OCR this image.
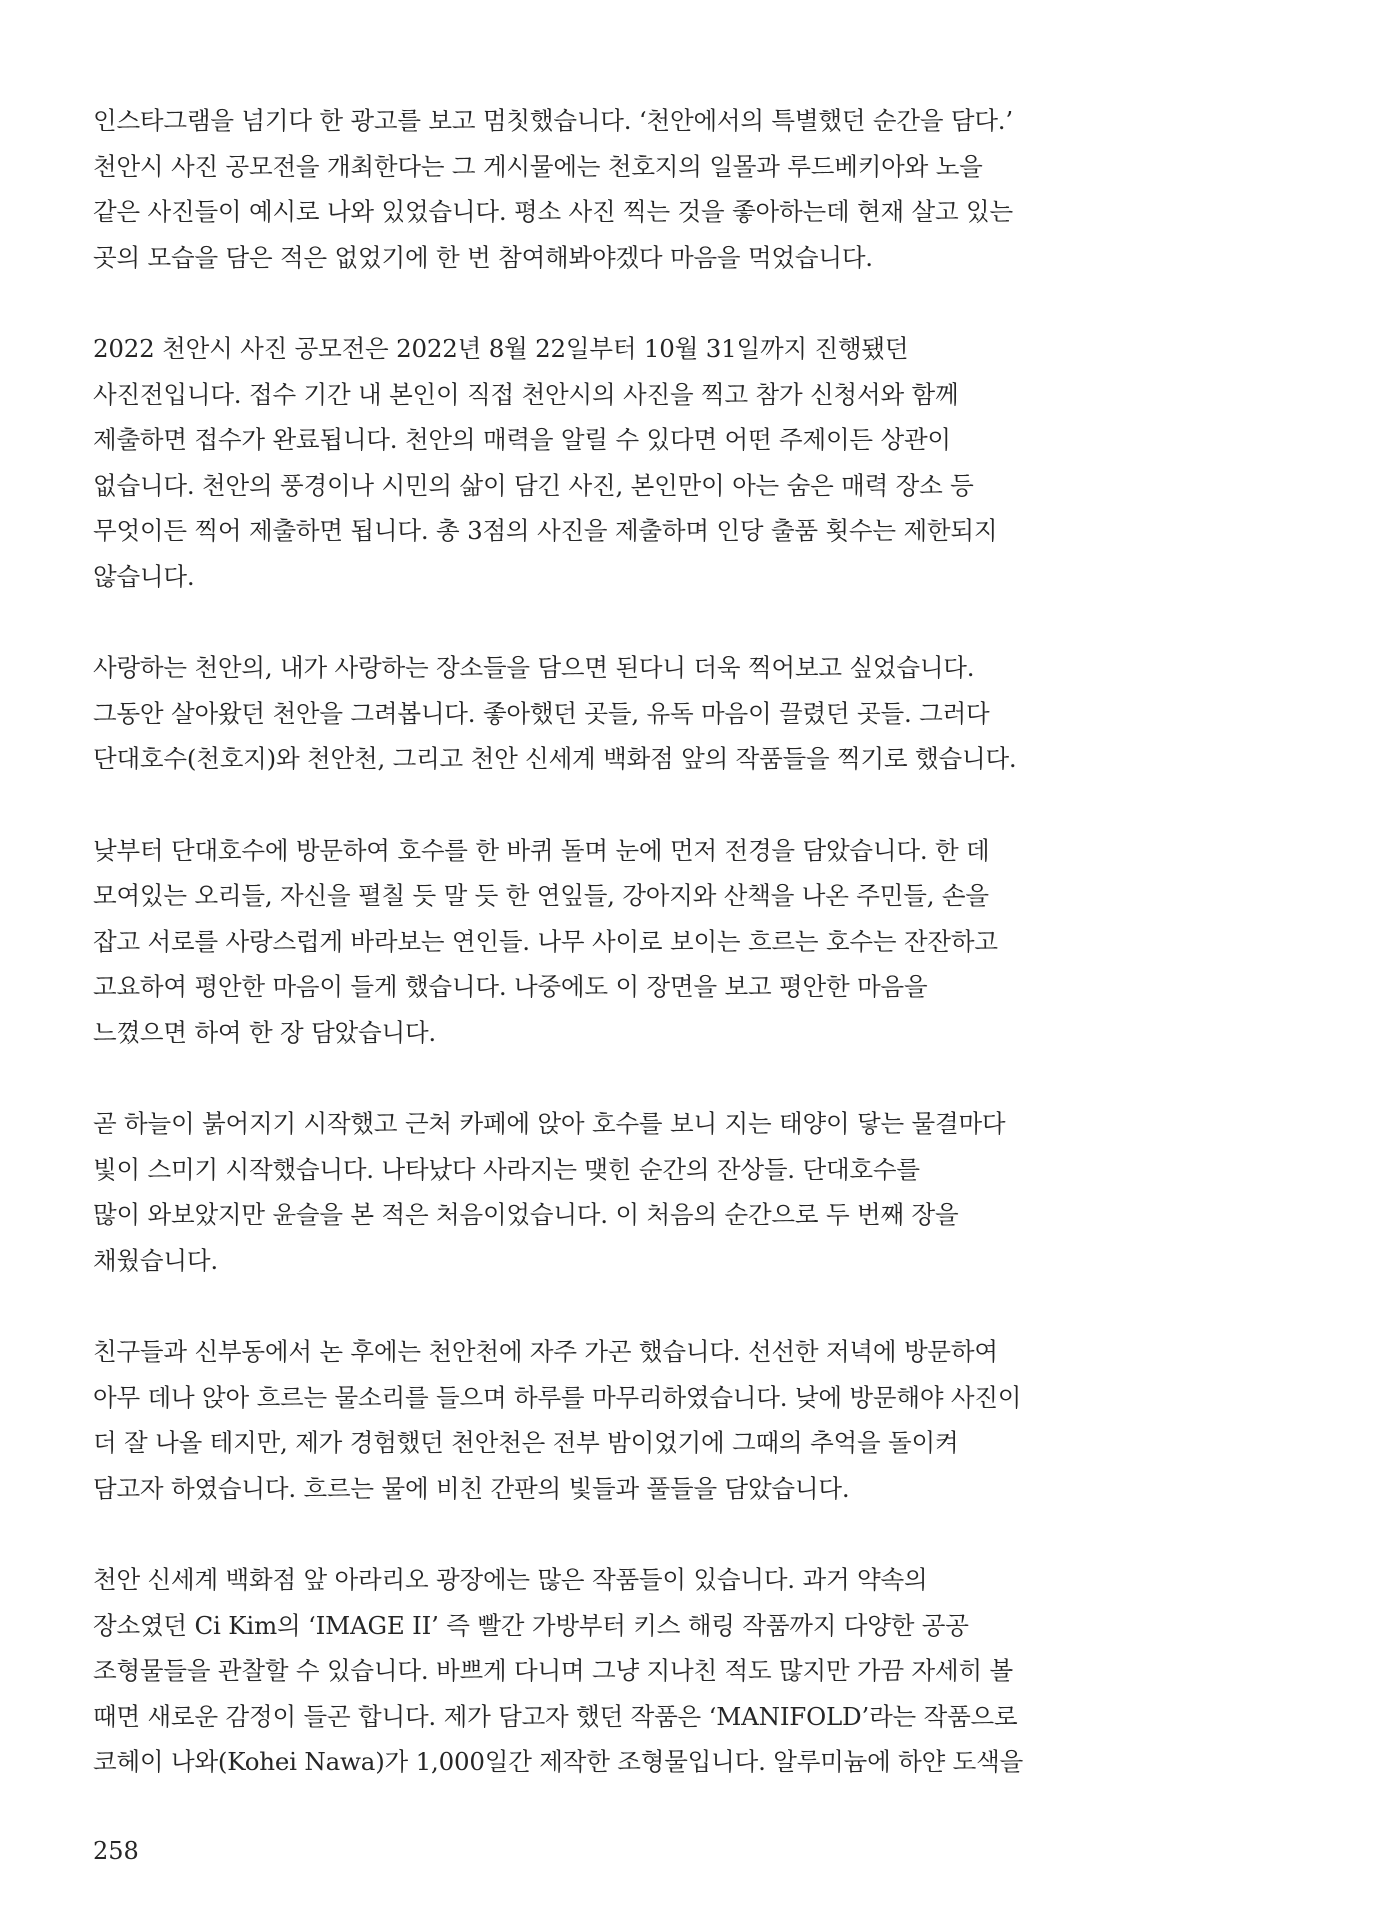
인스타그램을 넘기다 한 광고를 보고 멈칫했습니다. ‘천안에서의 특별했던 순간을 담다.’
천안시 사진 공모전을 개최한다는 그 게시물에는 천호지의 일몰과 루드베키아와 노을
같은 사진들이 예시로 나와 있었습니다. 평소 사진 찍는 것을 좋아하는데 현재 살고 있는
곳의 모습을 담은 적은 없었기에 한 번 참여해봐야겠다 마음을 먹었습니다.

2022 천안시 사진 공모전은 2022년 8월 22일부터 10월 31일까지 진행됐던
사진전입니다. 접수 기간 내 본인이 직접 천안시의 사진을 찍고 참가 신청서와 함께
제출하면 접수가 완료됩니다. 천안의 매력을 알릴 수 있다면 어떤 주제이든 상관이
없습니다. 천안의 풍경이나 시민의 삶이 담긴 사진, 본인만이 아는 숨은 매력 장소 등
무엇이든 찍어 제출하면 됩니다. 총 3점의 사진을 제출하며 인당 출품 횟수는 제한되지
않습니다.

사랑하는 천안의, 내가 사랑하는 장소들을 담으면 된다니 더욱 찍어보고 싶었습니다.
그동안 살아왔던 천안을 그려봅니다. 좋아했던 곳들, 유독 마음이 끌렸던 곳들. 그러다
단대호수(천호지)와 천안천, 그리고 천안 신세계 백화점 앞의 작품들을 찍기로 했습니다.

낮부터 단대호수에 방문하여 호수를 한 바퀴 돌며 눈에 먼저 전경을 담았습니다. 한 데
모여있는 오리들, 자신을 펼칠 듯 말 듯 한 연잎들, 강아지와 산책을 나온 주민들, 손을
잡고 서로를 사랑스럽게 바라보는 연인들. 나무 사이로 보이는 흐르는 호수는 잔잔하고
고요하여 평안한 마음이 들게 했습니다. 나중에도 이 장면을 보고 평안한 마음을
느꼈으면 하여 한 장 담았습니다.

곧 하늘이 붉어지기 시작했고 근처 카페에 앉아 호수를 보니 지는 태양이 닿는 물결마다
빛이 스미기 시작했습니다. 나타났다 사라지는 맺힌 순간의 잔상들. 단대호수를
많이 와보았지만 윤슬을 본 적은 처음이었습니다. 이 처음의 순간으로 두 번째 장을
채웠습니다.

친구들과 신부동에서 논 후에는 천안천에 자주 가곤 했습니다. 선선한 저녁에 방문하여
아무 데나 앉아 흐르는 물소리를 들으며 하루를 마무리하였습니다. 낮에 방문해야 사진이
더 잘 나올 테지만, 제가 경험했던 천안천은 전부 밤이었기에 그때의 추억을 돌이켜
담고자 하였습니다. 흐르는 물에 비친 간판의 빛들과 풀들을 담았습니다.

천안 신세계 백화점 앞 아라리오 광장에는 많은 작품들이 있습니다. 과거 약속의
장소였던 Ci Kim의 ‘IMAGE II’ 즉 빨간 가방부터 키스 해링 작품까지 다양한 공공
조형물들을 관찰할 수 있습니다. 바쁘게 다니며 그냥 지나친 적도 많지만 가끔 자세히 볼
때면 새로운 감정이 들곤 합니다. 제가 담고자 했던 작품은 ‘MANIFOLD’라는 작품으로
코헤이 나와(Kohei Nawa)가 1,000일간 제작한 조형물입니다. 알루미늄에 하얀 도색을

258
